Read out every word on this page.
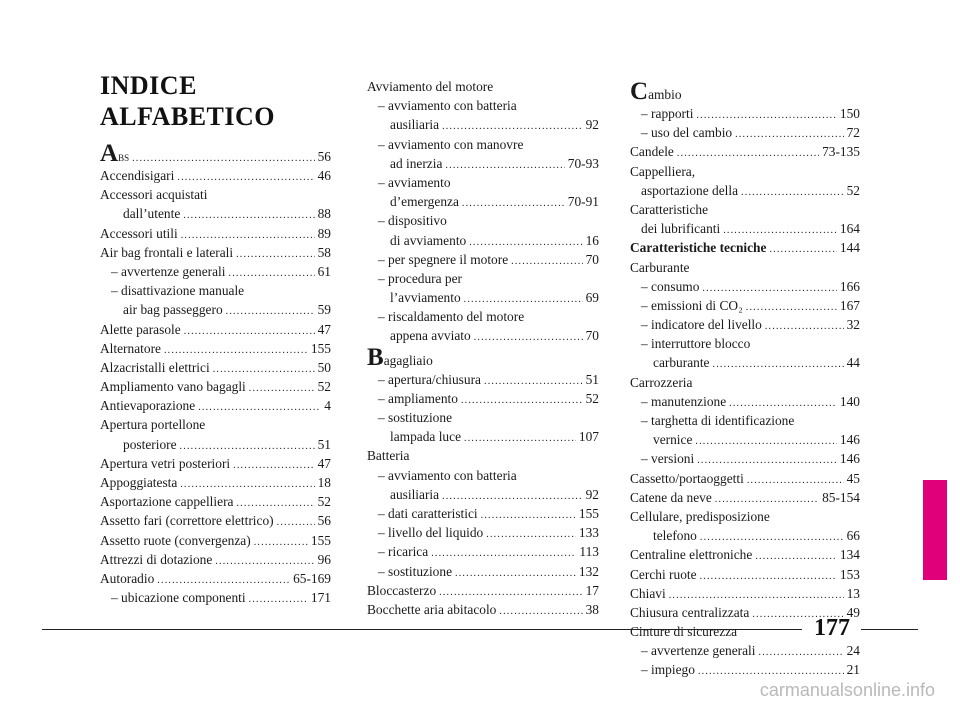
INDICE
ALFABETICO
Abs .....	56
Accendisigari .....	46
Accessori acquistati
dall’utente .....	88
Accessori utili .....	89
Air bag frontali e laterali .....	58
– avvertenze generali .....	61
– disattivazione manuale
air bag passeggero .....	59
Alette parasole .....	47
Alternatore .....	155
Alzacristalli elettrici .....	50
Ampliamento vano bagagli .....	52
Antievaporazione .....	4
Apertura portellone
posteriore .....	51
Apertura vetri posteriori .....	47
Appoggiatesta .....	18
Asportazione cappelliera .....	52
Assetto fari (correttore elettrico) .....	56
Assetto ruote (convergenza) .....	155
Attrezzi di dotazione .....	96
Autoradio .....	65-169
– ubicazione componenti .....	171
Avviamento del motore
– avviamento con batteria
ausiliaria .....	92
– avviamento con manovre
ad inerzia .....	70-93
– avviamento
d’emergenza .....	70-91
– dispositivo
di avviamento .....	16
– per spegnere il motore .....	70
– procedura per
l’avviamento .....	69
– riscaldamento del motore
appena avviato .....	70
Bagagliaio
– apertura/chiusura .....	51
– ampliamento .....	52
– sostituzione
lampada luce .....	107
Batteria
– avviamento con batteria
ausiliaria .....	92
– dati caratteristici .....	155
– livello del liquido .....	133
– ricarica .....	113
– sostituzione .....	132
Bloccasterzo .....	17
Bocchette aria abitacolo .....	38
Cambio
– rapporti .....	150
– uso del cambio .....	72
Candele .....	73-135
Cappelliera,
asportazione della .....	52
Caratteristiche
dei lubrificanti .....	164
Caratteristiche tecniche .....	144
Carburante
– consumo .....	166
– emissioni di CO₂ .....	167
– indicatore del livello .....	32
– interruttore blocco
carburante .....	44
Carrozzeria
– manutenzione .....	140
– targhetta di identificazione
vernice .....	146
– versioni .....	146
Cassetto/portaoggetti .....	45
Catene da neve .....	85-154
Cellulare, predisposizione
telefono .....	66
Centraline elettroniche .....	134
Cerchi ruote .....	153
Chiavi .....	13
Chiusura centralizzata .....	49
Cinture di sicurezza
– avvertenze generali .....	24
– impiego .....	21
177
carmanualsonline.info
